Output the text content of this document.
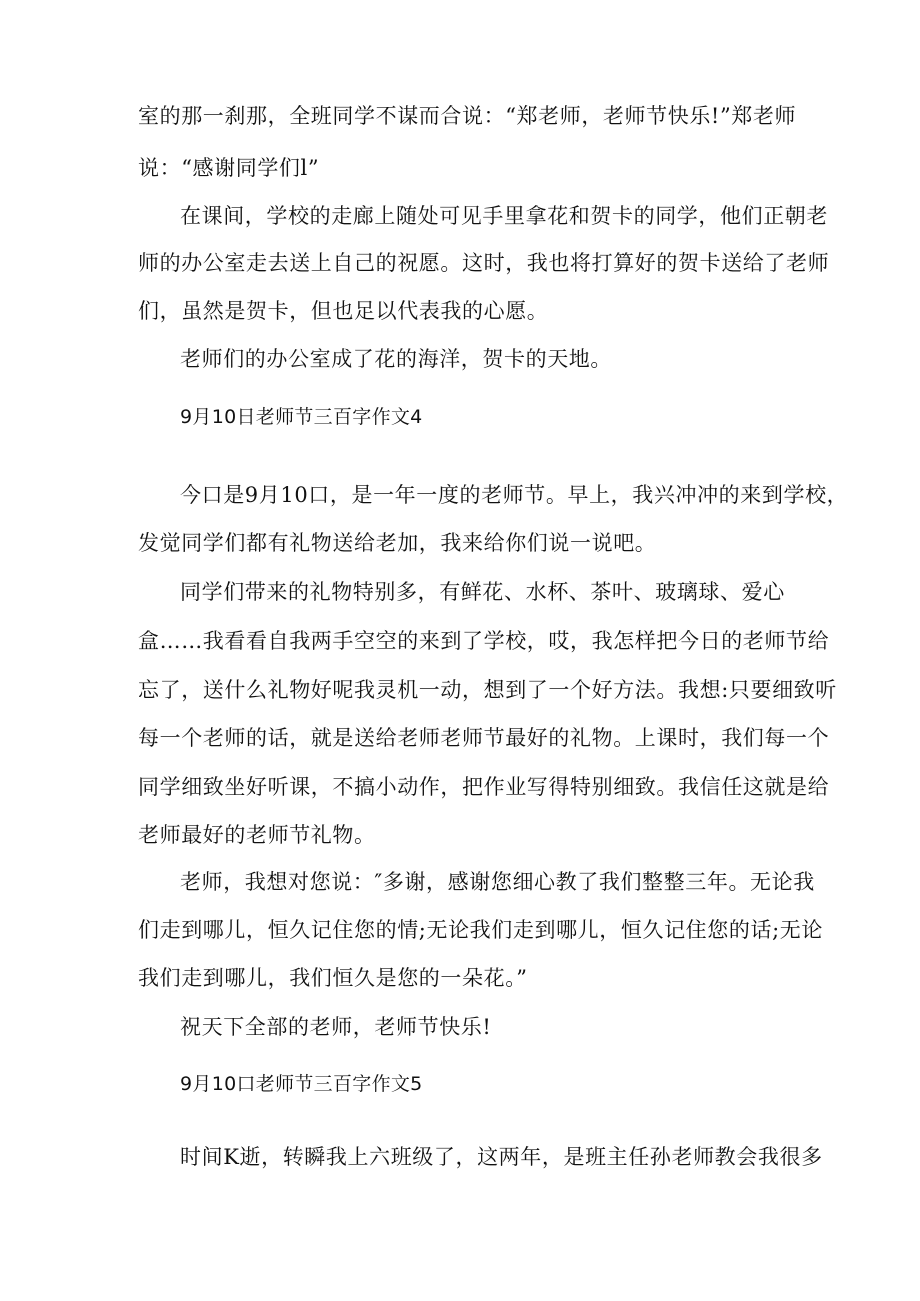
室的那一刹那，全班同学不谋而合说：“郑老师，老师节快乐!”郑老师
说：“感谢同学们l”
在课间，学校的走廊上随处可见手里拿花和贺卡的同学，他们正朝老
师的办公室走去送上自己的祝愿。这时，我也将打算好的贺卡送给了老师
们，虽然是贺卡，但也足以代表我的心愿。
老师们的办公室成了花的海洋，贺卡的天地。
9月10日老师节三百字作文4
今口是9月10口，是一年一度的老师节。早上，我兴冲冲的来到学校，
发觉同学们都有礼物送给老加，我来给你们说一说吧。
同学们带来的礼物特别多，有鲜花、水杯、茶叶、玻璃球、爱心
盒……我看看自我两手空空的来到了学校，哎，我怎样把今日的老师节给
忘了，送什么礼物好呢我灵机一动，想到了一个好方法。我想:只要细致听
每一个老师的话，就是送给老师老师节最好的礼物。上课时，我们每一个
同学细致坐好听课，不搞小动作，把作业写得特别细致。我信任这就是给
老师最好的老师节礼物。
老师，我想对您说：″多谢，感谢您细心教了我们整整三年。无论我
们走到哪儿，恒久记住您的情;无论我们走到哪儿，恒久记住您的话;无论
我们走到哪儿，我们恒久是您的一朵花。”
祝天下全部的老师，老师节快乐!
9月10口老师节三百字作文5
时间K逝，转瞬我上六班级了，这两年，是班主任孙老师教会我很多
